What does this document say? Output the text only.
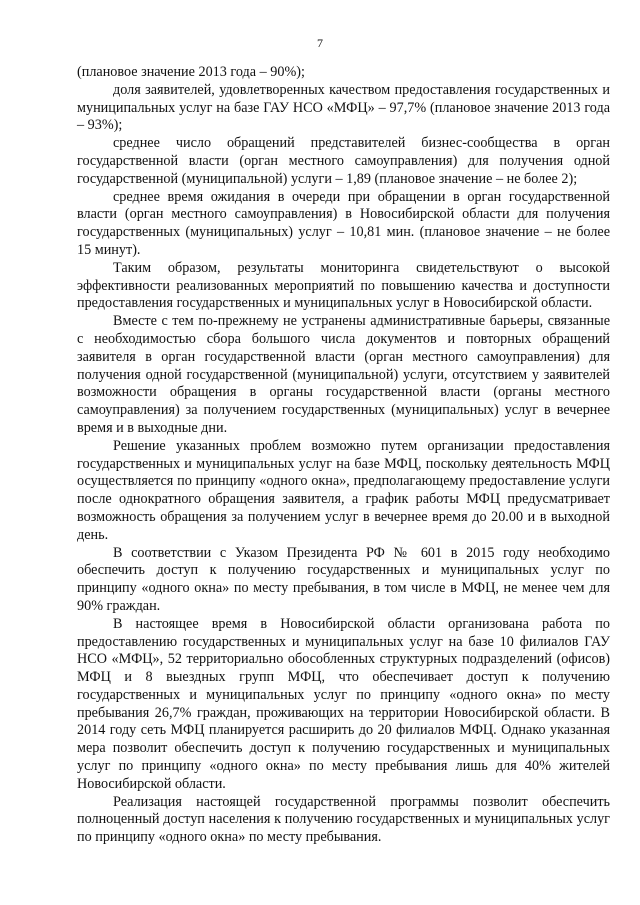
7

(плановое значение 2013 года – 90%);

доля заявителей, удовлетворенных качеством предоставления государственных и муниципальных услуг на базе ГАУ НСО «МФЦ» – 97,7% (плановое значение 2013 года – 93%);

среднее число обращений представителей бизнес-сообщества в орган государственной власти (орган местного самоуправления) для получения одной государственной (муниципальной) услуги – 1,89 (плановое значение – не более 2);

среднее время ожидания в очереди при обращении в орган государственной власти (орган местного самоуправления) в Новосибирской области для получения государственных (муниципальных) услуг – 10,81 мин. (плановое значение – не более 15 минут).

Таким образом, результаты мониторинга свидетельствуют о высокой эффективности реализованных мероприятий по повышению качества и доступности предоставления государственных и муниципальных услуг в Новосибирской области.

Вместе с тем по-прежнему не устранены административные барьеры, связанные с необходимостью сбора большого числа документов и повторных обращений заявителя в орган государственной власти (орган местного самоуправления) для получения одной государственной (муниципальной) услуги, отсутствием у заявителей возможности обращения в органы государственной власти (органы местного самоуправления) за получением государственных (муниципальных) услуг в вечернее время и в выходные дни.

Решение указанных проблем возможно путем организации предоставления государственных и муниципальных услуг на базе МФЦ, поскольку деятельность МФЦ осуществляется по принципу «одного окна», предполагающему предоставление услуги после однократного обращения заявителя, а график работы МФЦ предусматривает возможность обращения за получением услуг в вечернее время до 20.00 и в выходной день.

В соответствии с Указом Президента РФ № 601 в 2015 году необходимо обеспечить доступ к получению государственных и муниципальных услуг по принципу «одного окна» по месту пребывания, в том числе в МФЦ, не менее чем для 90% граждан.

В настоящее время в Новосибирской области организована работа по предоставлению государственных и муниципальных услуг на базе 10 филиалов ГАУ НСО «МФЦ», 52 территориально обособленных структурных подразделений (офисов) МФЦ и 8 выездных групп МФЦ, что обеспечивает доступ к получению государственных и муниципальных услуг по принципу «одного окна» по месту пребывания 26,7% граждан, проживающих на территории Новосибирской области. В 2014 году сеть МФЦ планируется расширить до 20 филиалов МФЦ. Однако указанная мера позволит обеспечить доступ к получению государственных и муниципальных услуг по принципу «одного окна» по месту пребывания лишь для 40% жителей Новосибирской области.

Реализация настоящей государственной программы позволит обеспечить полноценный доступ населения к получению государственных и муниципальных услуг по принципу «одного окна» по месту пребывания.
